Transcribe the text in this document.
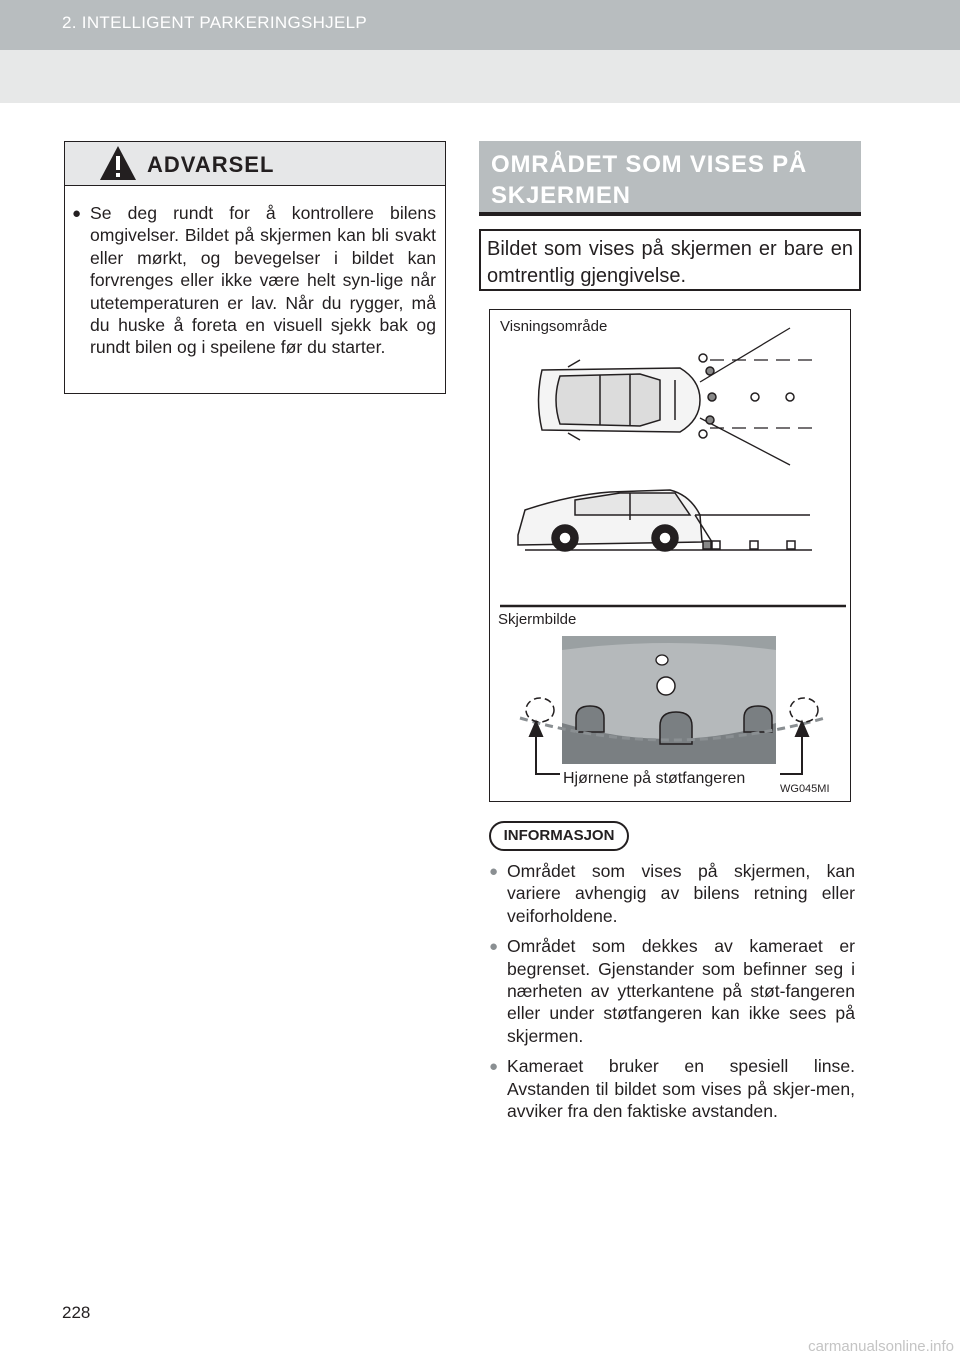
2. INTELLIGENT PARKERINGSHJELP
ADVARSEL
● Se deg rundt for å kontrollere bilens omgivelser. Bildet på skjermen kan bli svakt eller mørkt, og bevegelser i bildet kan forvrenges eller ikke være helt syn-lige når utetemperaturen er lav. Når du rygger, må du huske å foreta en visuell sjekk bak og rundt bilen og i speilene før du starter.
OMRÅDET SOM VISES PÅ SKJERMEN
Bildet som vises på skjermen er bare en omtrentlig gjengivelse.
Visningsområde
Skjermbilde
Hjørnene på støtfangeren
WG045MI
INFORMASJON
● Området som vises på skjermen, kan variere avhengig av bilens retning eller veiforholdene.
● Området som dekkes av kameraet er begrenset. Gjenstander som befinner seg i nærheten av ytterkantene på støt-fangeren eller under støtfangeren kan ikke sees på skjermen.
● Kameraet bruker en spesiell linse. Avstanden til bildet som vises på skjer-men, avviker fra den faktiske avstanden.
228
carmanualsonline.info
